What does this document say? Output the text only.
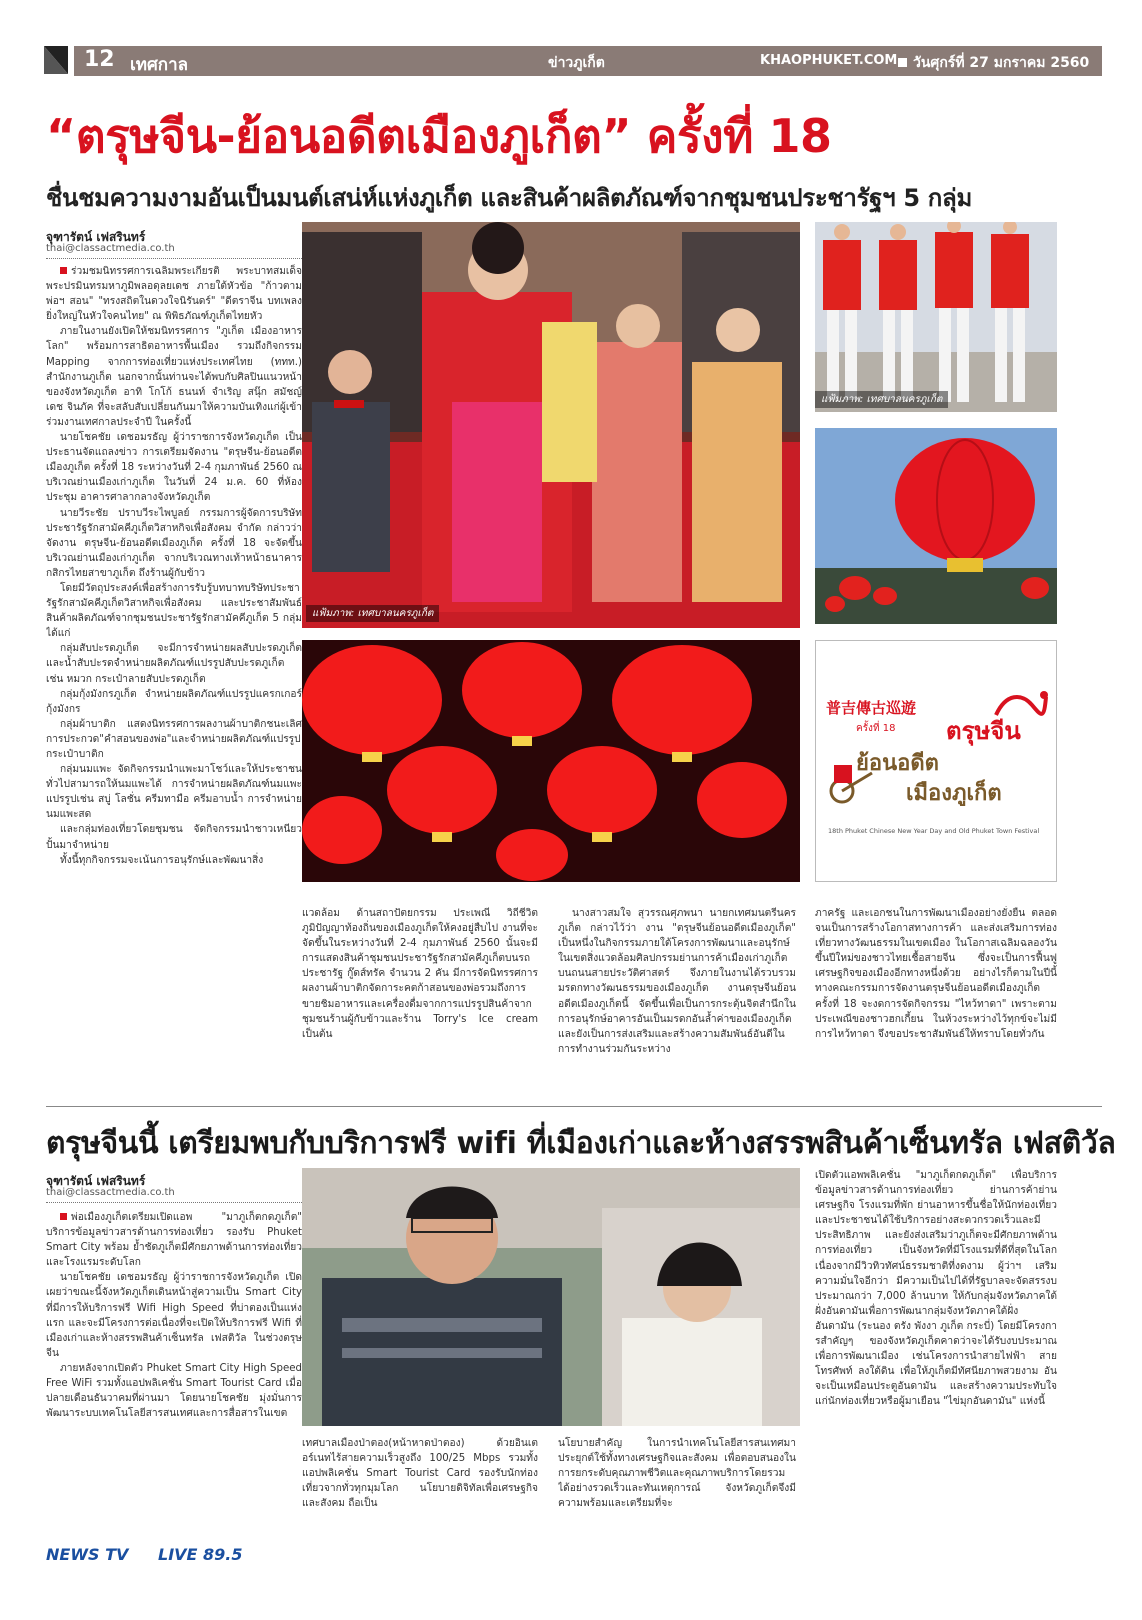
12 เทศกาล	ข่าวภูเก็ต	KHAOPHUKET.COM	วันศุกร์ที่ 27 มกราคม 2560
“ตรุษจีน-ย้อนอดีตเมืองภูเก็ต” ครั้งที่ 18
ชื่นชมความงามอันเป็นมนต์เสน่ห์แห่งภูเก็ต และสินค้าผลิตภัณฑ์จากชุมชนประชารัฐฯ 5 กลุ่ม
จุฑารัตน์ เฟสรินทร์
thai@classactmedia.co.th

ร่วมชมนิทรรศการเฉลิมพระเกียรติ พระบาทสมเด็จพระปรมินทรมหาภูมิพลอดุลยเดช ภายใต้หัวข้อ "ก้าวตามพ่อฯ สอน" "ทรงสถิตในดวงใจนิรันดร์" "ดีตราจีน บทเพลงยิ่งใหญ่ในหัวใจคนไทย" ณ พิพิธภัณฑ์ภูเก็ตไทยหัว

ภายในงานยังเปิดให้ชมนิทรรศการ "ภูเก็ต เมืองอาหารโลก" พร้อมการสาธิตอาหารพื้นเมือง รวมถึงกิจกรรม Mapping จากการท่องเที่ยวแห่งประเทศไทย (ททท.) สำนักงานภูเก็ต นอกจากนั้นท่านจะได้พบกับศิลปินแนวหน้าของจังหวัดภูเก็ต อาทิ โกโก้ ธนนท์ จำเริญ สนุ๊ก สมัชญ์ เดช จินภัค ที่จะสลับสับเปลี่ยนกันมาให้ความบันเทิงแก่ผู้เข้าร่วมงานเทศกาลประจำปี ในครั้งนี้

นายโชคชัย เดชอมรธัญ ผู้ว่าราชการจังหวัดภูเก็ต เป็นประธานจัดแถลงข่าว การเตรียมจัดงาน "ตรุษจีน-ย้อนอดีตเมืองภูเก็ต ครั้งที่ 18 ระหว่างวันที่ 2-4 กุมภาพันธ์ 2560 ณ บริเวณย่านเมืองเก่าภูเก็ต ในวันที่ 24 ม.ค. 60 ที่ห้องประชุม อาคารศาลากลางจังหวัดภูเก็ต

นายวีระชัย ปราบวีระไพบูลย์ กรรมการผู้จัดการบริษัทประชารัฐรักสามัคคีภูเก็ตวิสาหกิจเพื่อสังคม จำกัด กล่าวว่า จัดงาน ตรุษจีน-ย้อนอดีตเมืองภูเก็ต ครั้งที่ 18 จะจัดขึ้นบริเวณย่านเมืองเก่าภูเก็ต จากบริเวณทางเท้าหน้าธนาคารกสิกรไทยสาขาภูเก็ต ถึงร้านผู้กับข้าว

โดยมีวัตถุประสงค์เพื่อสร้างการรับรู้บทบาทบริษัทประชารัฐรักสามัคคีภูเก็ตวิสาหกิจเพื่อสังคม และประชาสัมพันธ์สินค้าผลิตภัณฑ์จากชุมชนประชารัฐรักสามัคคีภูเก็ต 5 กลุ่มได้แก่

กลุ่มสับปะรดภูเก็ต จะมีการจำหน่ายผลสับปะรดภูเก็ตและน้ำสับปะรดจำหน่ายผลิตภัณฑ์แปรรูปสับปะรดภูเก็ต เช่น หมวก กระเป๋าลายสับปะรดภูเก็ต

กลุ่มกุ้งมังกรภูเก็ต จำหน่ายผลิตภัณฑ์แปรรูปแครกเกอร์กุ้งมังกร

กลุ่มผ้าบาติก แสดงนิทรรศการผลงานผ้าบาติกชนะเลิศการประกวด"คำสอนของพ่อ"และจำหน่ายผลิตภัณฑ์แปรรูปกระเป๋าบาติก

กลุ่มนมแพะ จัดกิจกรรมนำแพะมาโชว์และให้ประชาชนทั่วไปสามารถให้นมแพะได้ การจำหน่ายผลิตภัณฑ์นมแพะแปรรูปเช่น สบู่ โลชั่น ครีมทามือ ครีมอาบน้ำ การจำหน่ายนมแพะสด

และกลุ่มท่องเที่ยวโดยชุมชน จัดกิจกรรมนำชาวเหนียวปั้นมาจำหน่าย

ทั้งนี้ทุกกิจกรรมจะเน้นการอนุรักษ์และพัฒนาสิ่ง

แฟ้มภาพ: เทศบาลนครภูเก็ต
แฟ้มภาพ: เทศบาลนครภูเก็ต
普吉傳古巡遊
ครั้งที่ 18 ตรุษจีน
ย้อนอดีต
เมืองภูเก็ต
18th Phuket Chinese New Year Day and Old Phuket Town Festival
แวดล้อม ด้านสถาปัตยกรรม ประเพณี วิถีชีวิต ภูมิปัญญาท้องถิ่นของเมืองภูเก็ตให้คงอยู่สืบไป งานที่จะจัดขึ้นในระหว่างวันที่ 2-4 กุมภาพันธ์ 2560 นั้นจะมีการแสดงสินค้าชุมชนประชารัฐรักสามัคคีภูเก็ตบนรถประชารัฐ กู๊ดส์ทรัค จำนวน 2 คัน มีการจัดนิทรรศการผลงานผ้าบาติกจัดการะคตก้าสอนของพ่อรวมถึงการขายชิมอาหารและเครื่องดื่มจากการแปรรูปสินค้าจากชุมชนร้านผู้กับข้าวและร้าน Torry's Ice cream เป็นต้น
นางสาวสมใจ สุวรรณศุภพนา นายกเทศมนตรีนครภูเก็ต กล่าวไว้ว่า งาน "ตรุษจีนย้อนอดีตเมืองภูเก็ต" เป็นหนึ่งในกิจกรรมภายใต้โครงการพัฒนาและอนุรักษ์ในเขตสิ่งแวดล้อมศิลปกรรมย่านการค้าเมืองเก่าภูเก็ต บนถนนสายประวัติศาสตร์ จึงภายในงานได้รวบรวมมรดกทางวัฒนธรรมของเมืองภูเก็ต งานตรุษจีนย้อนอดีตเมืองภูเก็ตนี้ จัดขึ้นเพื่อเป็นการกระตุ้นจิตสำนึกในการอนุรักษ์อาคารอันเป็นมรดกอันล้ำค่าของเมืองภูเก็ต และยังเป็นการส่งเสริมและสร้างความสัมพันธ์อันดีในการทำงานร่วมกันระหว่าง
ภาครัฐ และเอกชนในการพัฒนาเมืองอย่างยั่งยืน ตลอดจนเป็นการสร้างโอกาสทางการค้า และส่งเสริมการท่องเที่ยวทางวัฒนธรรมในเขตเมือง ในโอกาสเฉลิมฉลองวันขึ้นปีใหม่ของชาวไทยเชื้อสายจีน ซึ่งจะเป็นการฟื้นฟูเศรษฐกิจของเมืองอีกทางหนึ่งด้วย อย่างไรก็ตามในปีนี้ ทางคณะกรรมการจัดงานตรุษจีนย้อนอดีตเมืองภูเก็ต ครั้งที่ 18 จะงดการจัดกิจกรรม "ไหว้ทาดา" เพราะตามประเพณีของชาวฮกเกี้ยน ในห้วงระหว่างไว้ทุกข์จะไม่มีการไหว้ทาดา จึงขอประชาสัมพันธ์ให้ทราบโดยทั่วกัน
ตรุษจีนนี้ เตรียมพบกับบริการฟรี wifi ที่เมืองเก่าและห้างสรรพสินค้าเซ็นทรัล เฟสติวัล
จุฑารัตน์ เฟสรินทร์
thai@classactmedia.co.th

พ่อเมืองภูเก็ตเตรียมเปิดแอพ "มาภูเก็ตกดภูเก็ต" บริการข้อมูลข่าวสารด้านการท่องเที่ยว รองรับ Phuket Smart City พร้อม ย้ำชัดภูเก็ตมีศักยภาพด้านการท่องเที่ยวและโรงแรมระดับโลก

นายโชคชัย เดชอมรธัญ ผู้ว่าราชการจังหวัดภูเก็ต เปิดเผยว่าขณะนี้จังหวัดภูเก็ตเดินหน้าสู่ความเป็น Smart City ที่มีการให้บริการฟรี Wifi High Speed ที่บ่าตองเป็นแห่งแรก และจะมีโครงการต่อเนื่องที่จะเปิดให้บริการฟรี Wifi ที่เมืองเก่าและห้างสรรพสินค้าเซ็นทรัล เฟสติวัล ในช่วงตรุษจีน

ภายหลังจากเปิดตัว Phuket Smart City High Speed Free WiFi รวมทั้งแอปพลิเคชั่น Smart Tourist Card เมื่อปลายเดือนธันวาคมที่ผ่านมา โดยนายโชคชัย มุ่งมั่นการพัฒนาระบบเทคโนโลยีสารสนเทศและการสื่อสารในเขต

เทศบาลเมืองป่าตอง(หน้าหาดป่าตอง) ด้วยอินเตอร์เนทไร้สายความเร็วสูงถึง 100/25 Mbps รวมทั้งแอปพลิเคชั่น Smart Tourist Card รองรับนักท่องเที่ยวจากทั่วทุกมุมโลก นโยบายดิจิทัลเพื่อเศรษฐกิจและสังคม ถือเป็น
นโยบายสำคัญ ในการนำเทคโนโลยีสารสนเทศมาประยุกต์ใช้ทั้งทางเศรษฐกิจและสังคม เพื่อตอบสนองในการยกระดับคุณภาพชีวิตและคุณภาพบริการโดยรวม ได้อย่างรวดเร็วและทันเหตุการณ์ จังหวัดภูเก็ตจึงมีความพร้อมและเตรียมที่จะ
เปิดตัวแอพพลิเคชั่น "มาภูเก็ตกดภูเก็ต" เพื่อบริการข้อมูลข่าวสารด้านการท่องเที่ยว ย่านการค้าย่านเศรษฐกิจ โรงแรมที่พัก ย่านอาหารขึ้นชื่อให้นักท่องเที่ยวและประชาชนได้ใช้บริการอย่างสะดวกรวดเร็วและมีประสิทธิภาพ และยังส่งเสริมว่าภูเก็ตจะมีศักยภาพด้านการท่องเที่ยว เป็นจังหวัดที่มีโรงแรมที่ดีที่สุดในโลก เนื่องจากมีวิวทิวทัศน์ธรรมชาติที่งดงาม ผู้ว่าฯ เสริมความมั่นใจอีกว่า มีความเป็นไปได้ที่รัฐบาลจะจัดสรรงบประมาณกว่า 7,000 ล้านบาท ให้กับกลุ่มจังหวัดภาคใต้ฝั่งอันดามันเพื่อการพัฒนากลุ่มจังหวัดภาคใต้ฝั่งอันดามัน (ระนอง ตรัง พังงา ภูเก็ต กระบี่) โดยมีโครงการสำคัญๆ ของจังหวัดภูเก็ตคาดว่าจะได้รับงบประมาณเพื่อการพัฒนาเมือง เช่นโครงการนำสายไฟฟ้า สายโทรศัพท์ ลงใต้ดิน เพื่อให้ภูเก็ตมีทัศนียภาพสวยงาม อันจะเป็นเหมือนประตูอันดามัน และสร้างความประทับใจแก่นักท่องเที่ยวหรือผู้มาเยือน "ไข่มุกอันดามัน" แห่งนี้
NEWS TV LIVE 89.5
